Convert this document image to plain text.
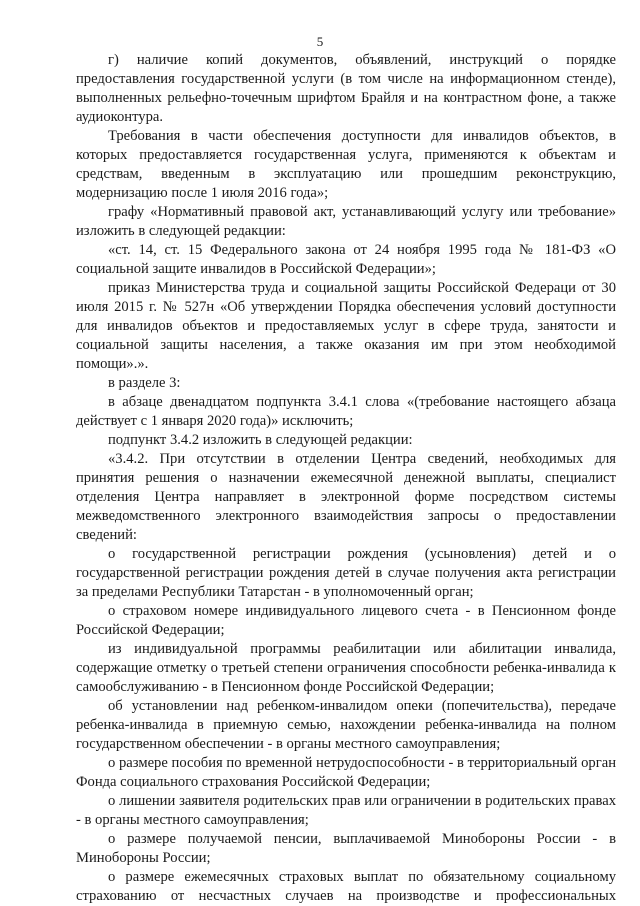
5

г) наличие копий документов, объявлений, инструкций о порядке предоставления государственной услуги (в том числе на информационном стенде), выполненных рельефно-точечным шрифтом Брайля и на контрастном фоне, а также аудиоконтура.

Требования в части обеспечения доступности для инвалидов объектов, в которых предоставляется государственная услуга, применяются к объектам и средствам, введенным в эксплуатацию или прошедшим реконструкцию, модернизацию после 1 июля 2016 года»;

графу «Нормативный правовой акт, устанавливающий услугу или требование» изложить в следующей редакции:

«ст. 14, ст. 15 Федерального закона от 24 ноября 1995 года № 181-ФЗ «О социальной защите инвалидов в Российской Федерации»;

приказ Министерства труда и социальной защиты Российской Федераци от 30 июля 2015 г. № 527н «Об утверждении Порядка обеспечения условий доступности для инвалидов объектов и предоставляемых услуг в сфере труда, занятости и социальной защиты населения, а также оказания им при этом необходимой помощи».».

в разделе 3:

в абзаце двенадцатом подпункта 3.4.1 слова «(требование настоящего абзаца действует с 1 января 2020 года)» исключить;

подпункт 3.4.2 изложить в следующей редакции:

«3.4.2. При отсутствии в отделении Центра сведений, необходимых для принятия решения о назначении ежемесячной денежной выплаты, специалист отделения Центра направляет в электронной форме посредством системы межведомственного электронного взаимодействия запросы о предоставлении сведений:

о государственной регистрации рождения (усыновления) детей и о государственной регистрации рождения детей в случае получения акта регистрации за пределами Республики Татарстан - в уполномоченный орган;

о страховом номере индивидуального лицевого счета - в Пенсионном фонде Российской Федерации;

из индивидуальной программы реабилитации или абилитации инвалида, содержащие отметку о третьей степени ограничения способности ребенка-инвалида к самообслуживанию - в Пенсионном фонде Российской Федерации;

об установлении над ребенком-инвалидом опеки (попечительства), передаче ребенка-инвалида в приемную семью, нахождении ребенка-инвалида на полном государственном обеспечении - в органы местного самоуправления;

о размере пособия по временной нетрудоспособности - в территориальный орган Фонда социального страхования Российской Федерации;

о лишении заявителя родительских прав или ограничении в родительских правах - в органы местного самоуправления;

о размере получаемой пенсии, выплачиваемой Минобороны России - в Минобороны России;

о размере ежемесячных страховых выплат по обязательному социальному страхованию от несчастных случаев на производстве и профессиональных
